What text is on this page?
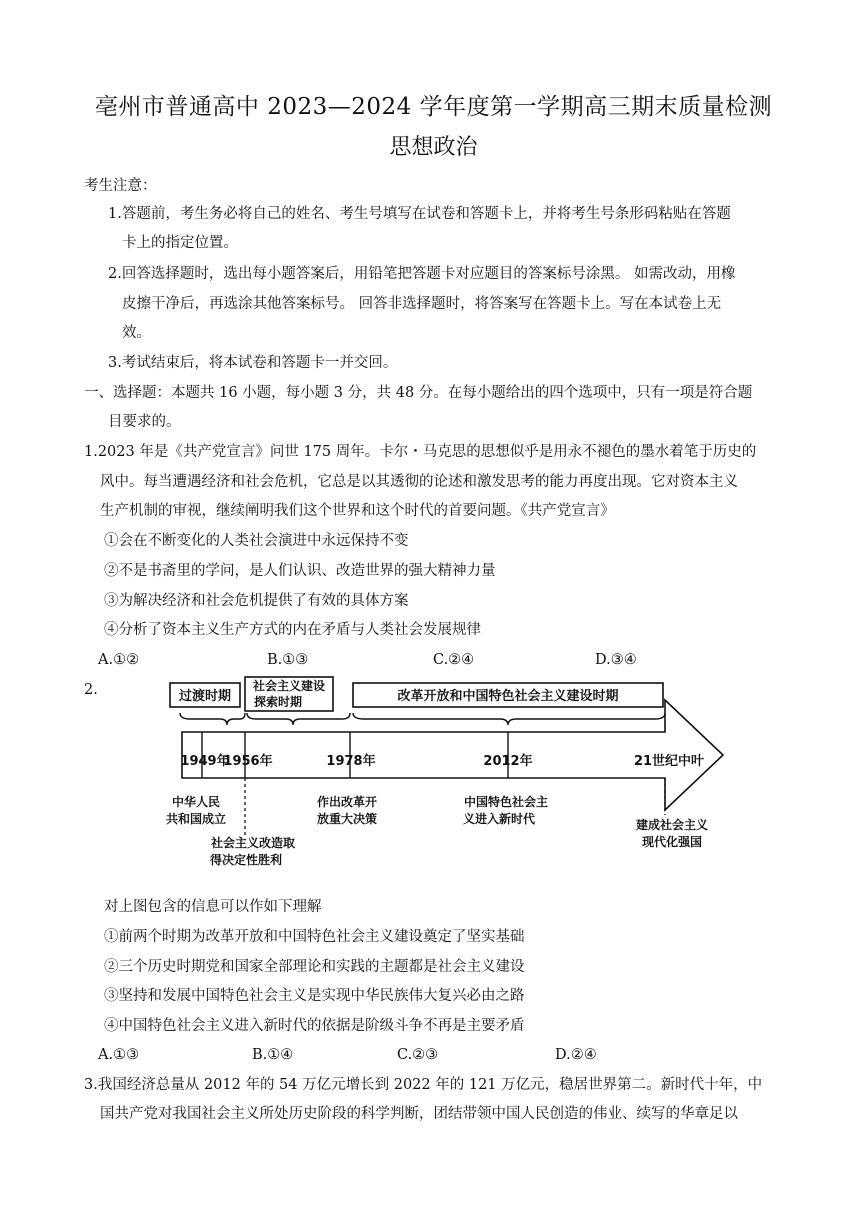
亳州市普通高中 2023—2024 学年度第一学期高三期末质量检测
思想政治
考生注意：
1.答题前，考生务必将自己的姓名、考生号填写在试卷和答题卡上，并将考生号条形码粘贴在答题
卡上的指定位置。
2.回答选择题时，选出每小题答案后，用铅笔把答题卡对应题目的答案标号涂黑。 如需改动，用橡
皮擦干净后，再选涂其他答案标号。 回答非选择题时，将答案写在答题卡上。写在本试卷上无
效。
3.考试结束后，将本试卷和答题卡一并交回。
一、选择题：本题共 16 小题，每小题 3 分，共 48 分。在每小题给出的四个选项中，只有一项是符合题
目要求的。
1.2023 年是《共产党宣言》问世 175 周年。卡尔・马克思的思想似乎是用永不褪色的墨水着笔于历史的
风中。每当遭遇经济和社会危机，它总是以其透彻的论述和激发思考的能力再度出现。它对资本主义
生产机制的审视，继续阐明我们这个世界和这个时代的首要问题。《共产党宣言》
①会在不断变化的人类社会演进中永远保持不变
②不是书斋里的学问，是人们认识、改造世界的强大精神力量
③为解决经济和社会危机提供了有效的具体方案
④分析了资本主义生产方式的内在矛盾与人类社会发展规律
A.①②	B.①③	C.②④	D.③④
2.	过渡时期
社会主义建设
探索时期	改革开放和中国特色社会主义建设时期
1949年
1956年	1978年	2012年	21世纪中叶
中华人民
共和国成立
社会主义改造取
得决定性胜利
作出改革开
放重大决策
中国特色社会主
义进入新时代	建成社会主义
现代化强国
对上图包含的信息可以作如下理解
①前两个时期为改革开放和中国特色社会主义建设奠定了坚实基础
②三个历史时期党和国家全部理论和实践的主题都是社会主义建设
③坚持和发展中国特色社会主义是实现中华民族伟大复兴必由之路
④中国特色社会主义进入新时代的依据是阶级斗争不再是主要矛盾
A.①③	B.①④	C.②③	D.②④
3.我国经济总量从 2012 年的 54 万亿元增长到 2022 年的 121 万亿元，稳居世界第二。新时代十年，中
国共产党对我国社会主义所处历史阶段的科学判断，团结带领中国人民创造的伟业、续写的华章足以
